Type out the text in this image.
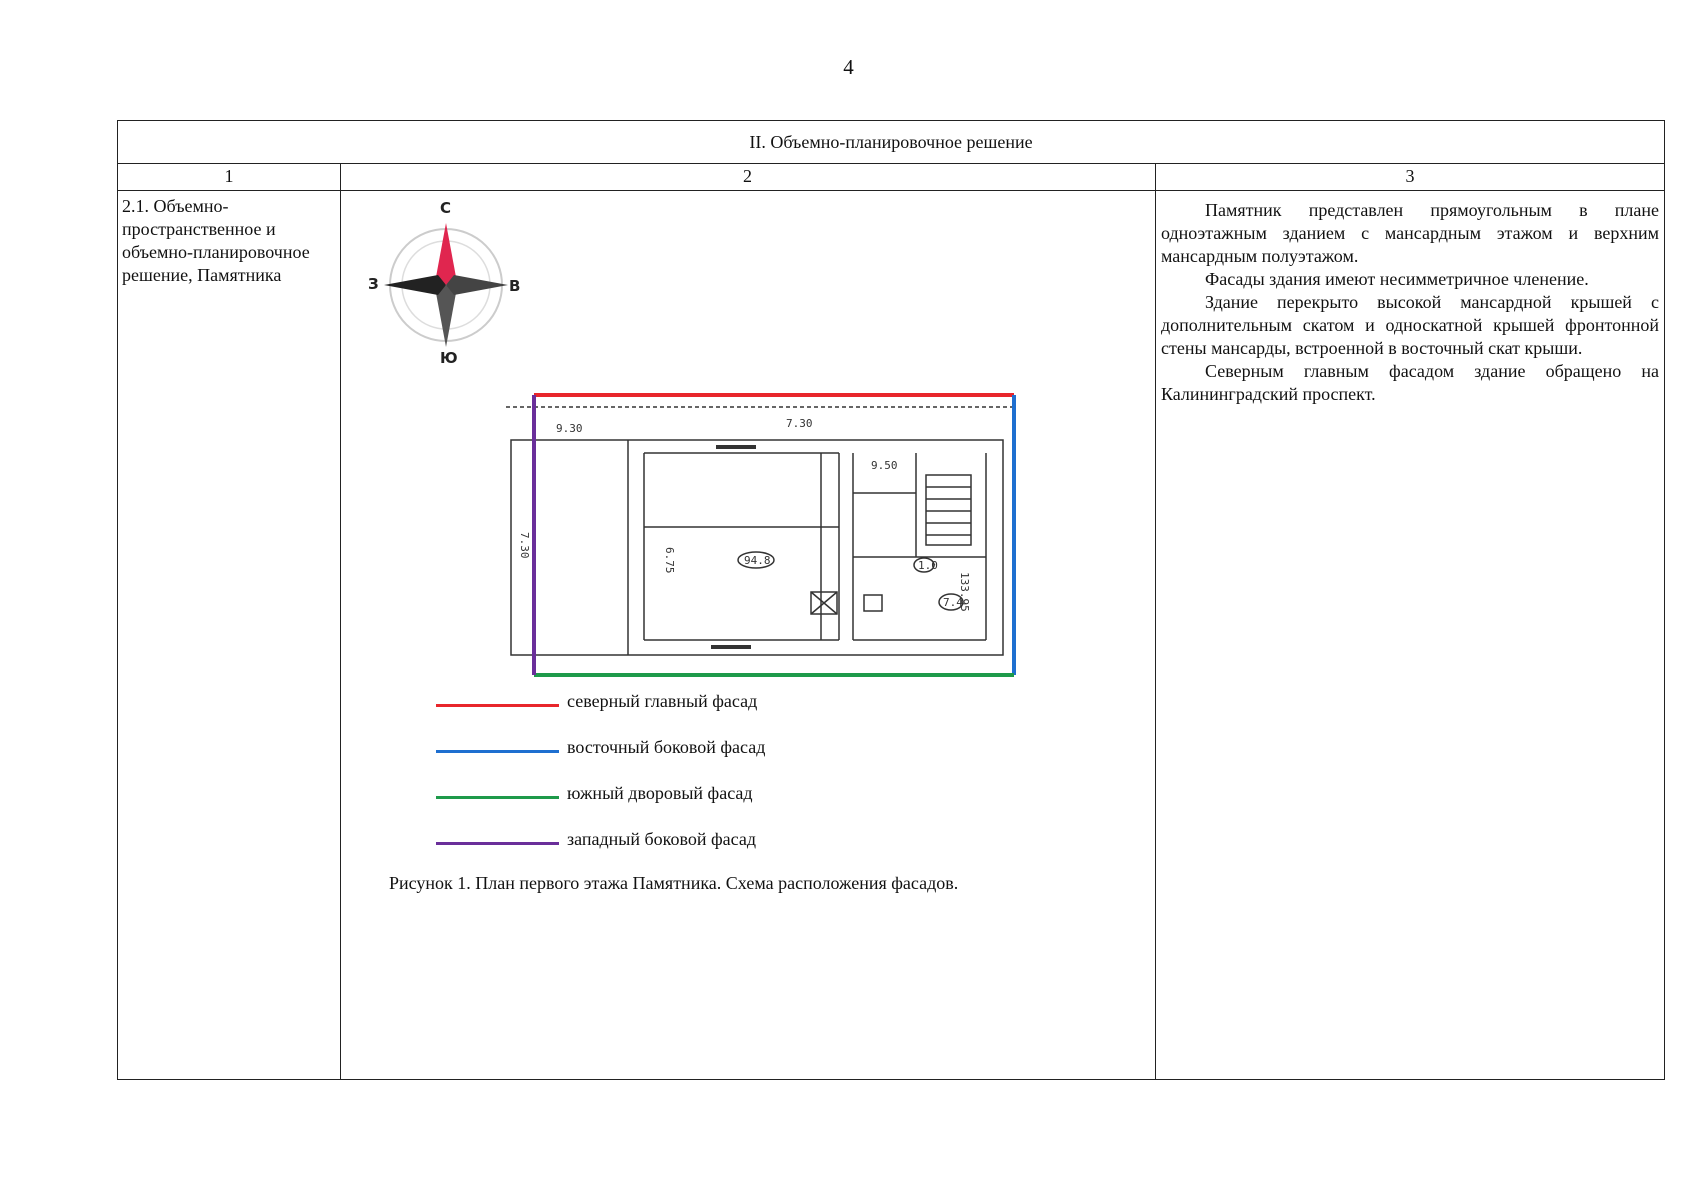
4
II. Объемно-планировочное решение
1	2	3
2.1. Объемно-пространственное и объемно-планировочное решение, Памятника
С
Ю
З	В
9.30	7.30
9.50
7.30
6.75	94.8
7.4
1.0
133.95
северный главный фасад
восточный боковой фасад
южный дворовый фасад
западный боковой фасад
Рисунок 1. План первого этажа Памятника. Схема расположения фасадов.

Памятник представлен прямоугольным в плане одноэтажным зданием с мансардным этажом и верхним мансардным полуэтажом.

Фасады здания имеют несимметричное членение.

Здание перекрыто высокой мансардной крышей с дополнительным скатом и односкатной крышей фронтонной стены мансарды, встроенной в восточный скат крыши.

Северным главным фасадом здание обращено на Калининградский проспект.
